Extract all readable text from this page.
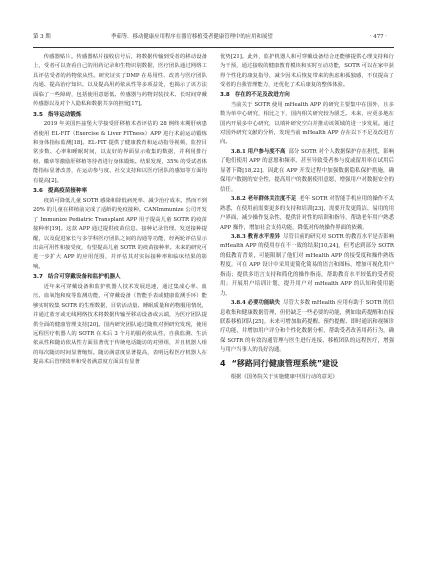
第 3 期	季茹等．移动健康应用程序在器官移植受者健康管理中的应用和展望	· 477 ·

传感器贴片。传感器贴片接收信号后，将数据传输到受者的移动设备上，受者可以查看自己的用药记录和生物识别数据，医疗团队通过网络工具评估受者的药物依从性。研究证实了DMP 在易用性、改善与医疗团队沟通、提高治疗知识、以及提高用药依从性等多项益处，也揭示了该方法面临了一些障碍，包括使用意愿低、传感器与药物封装技术、长时间穿戴传感器以及对个人隐私和数据共享的担忧[17]。

3.5 指导运动锻炼

2019 年美国匹兹堡大学接受肝移植术者评估的 28 例终末期肝病患者使用 EL-FIT（Exercise & Liver FITness）APP 进行术前运动锻炼和身体指标监测[18]。EL-FIT 提供了健康教育和运动指导视频，监控目常步数、心率和睡眠时间，以友好的界面显示收集的数据，并利用排行榜、徽章等激励肝移植等待者进行身体锻炼。结果发现，35% 的受试者体能指标显著改善，在运动参与度、社交支持和以医疗团队的感知等方面均有提高[2]。

3.6 提高疫苗接种率

疫苗可降低儿童 SOTR 感染和降低病死率、减少治疗成本。然而不到 20% 的儿童在移植前完成了适龄的免疫接种。CANImmunize 公司开发了 Immunize Pediatric Transplant APP 用于提高儿童 SOTR 的疫苗接种率[19]。这款 APP 通过提供疫苗信息、接种记录管理、发送接种提醒，以及促进家长与多学科医疗团队之间的沟通等功能，经两轮评估显示出高可用性和接受度，有望提高儿童 SOTR 的疫苗接种率。未来的研究可进一步扩大 APP 的应用范围，并评估其对实际接种率和临床结果的影响。

3.7 结合可穿戴设备和监护机器人

近年来可穿戴设备和监护机器人技术发展迅速，通过集成心率、血压、血氧饱和度等监测功能，可穿戴设备（智能手表或健康监测手环）能够实时收集 SOTR 的生理数据，目常活动量、睡眠质量和药物服用情况，并通过蓝牙或无线网络技术将数据传输至移动设备或云端，为医疗团队提供全面的健康管理支持[20]。国内研究团队通过随机对照研究发现，使用远程医疗机器人的 SOTR 在术后 3 个月的服药依从性、自我监测、生活依从性和随访依从性方面显著优于传统电话随访的对照组，并且机器人组的每次随访时间显著缩短。随访满意度显著提高，表明远程医疗机器人在提高术后管理效率和受者满意度方面具有显著

优势[21]。此外，监护机器人和可穿戴设备结合还能够提供心理支持和行为干预，通过接收的健康教育模块和实时互动功能，SOTR 可以在家中获得个性化的康复指导，减少因术后恢复带来的焦虑和孤独感，不仅提高了受者的自我管理能力，还优化了术后康复的整体体验。

3.8 存在的不足及改进方向

当前关于 SOTR 使用 mHealth APP 的研究主要集中在国外，且多数为单中心研究，相比之下，国内相关研究较为匮乏。未来，应更多地在国内开展多中心研究，以填补研究空白并推动该领域的进一步发展。通过对国外研究文献的分析，发现当前 mHealth APP 存在以下不足及改进方向。

3.8.1 用户参与度不高 部分 SOTR 对个人数据保护存在担忧，影响了他们使用 APP 的意愿和频率，甚至导致受者参与度或留用率在试用后显著下降[18,22]。因此在 APP 开发过程中加强数据隐私保护措施，确保用户数据的安全性，提高用户的数据使用意愿，增强用户对数据安全的信任。

3.8.2 老年群体关注度不足 老年 SOTR 对智能手机应用的操作不太熟悉，在使用前需要更多的支持和培训[23]，需要开发更简洁、易用的用户界面，减少操作复杂性，提供针对性的培训和指导，帮助老年用户熟悉 APP 操作，增加社会支持功能，降低对传统操作界面的依赖。

3.8.3 教育水平差异 尽管目前的研究对 SOTR 的教育水平是否影响 mHealth APP 的使用存在不一致的结果[10,24]，但考虑到部分 SOTR 的低教育背景，可能限制了他们对 mHealth APP 的接受度和操作熟练程度。可在 APP 设计中采用更简化简易的语言和图标，增加可视化用户指南；提供多语言支持和简化的操作指南，帮助教育水平较低的受者使用；开展用户培训计划，提升用户对 mHealth APP 的认知和使用能力。

3.8.4 必要功能缺失 尽管大多数 mHealth 应用有助于 SOTR 的信息收集和健康数据管理，但仍缺乏一些必要的功能，例如取药提醒和直接联系移植团队[25]。未来可增加取药提醒、预约提醒、即时通讯和视频诊疗功能，并增加用户评分和个性化数据分析，帮助受者改善用药行为，确保 SOTR 的有效沟通管理与医生进行连接、移植团队的远程医疗，增强与用户当事人的良好沟通。

4 “移路同行健康管理系统”建设

根据《国务院关于实施健康中国行动的意见》
